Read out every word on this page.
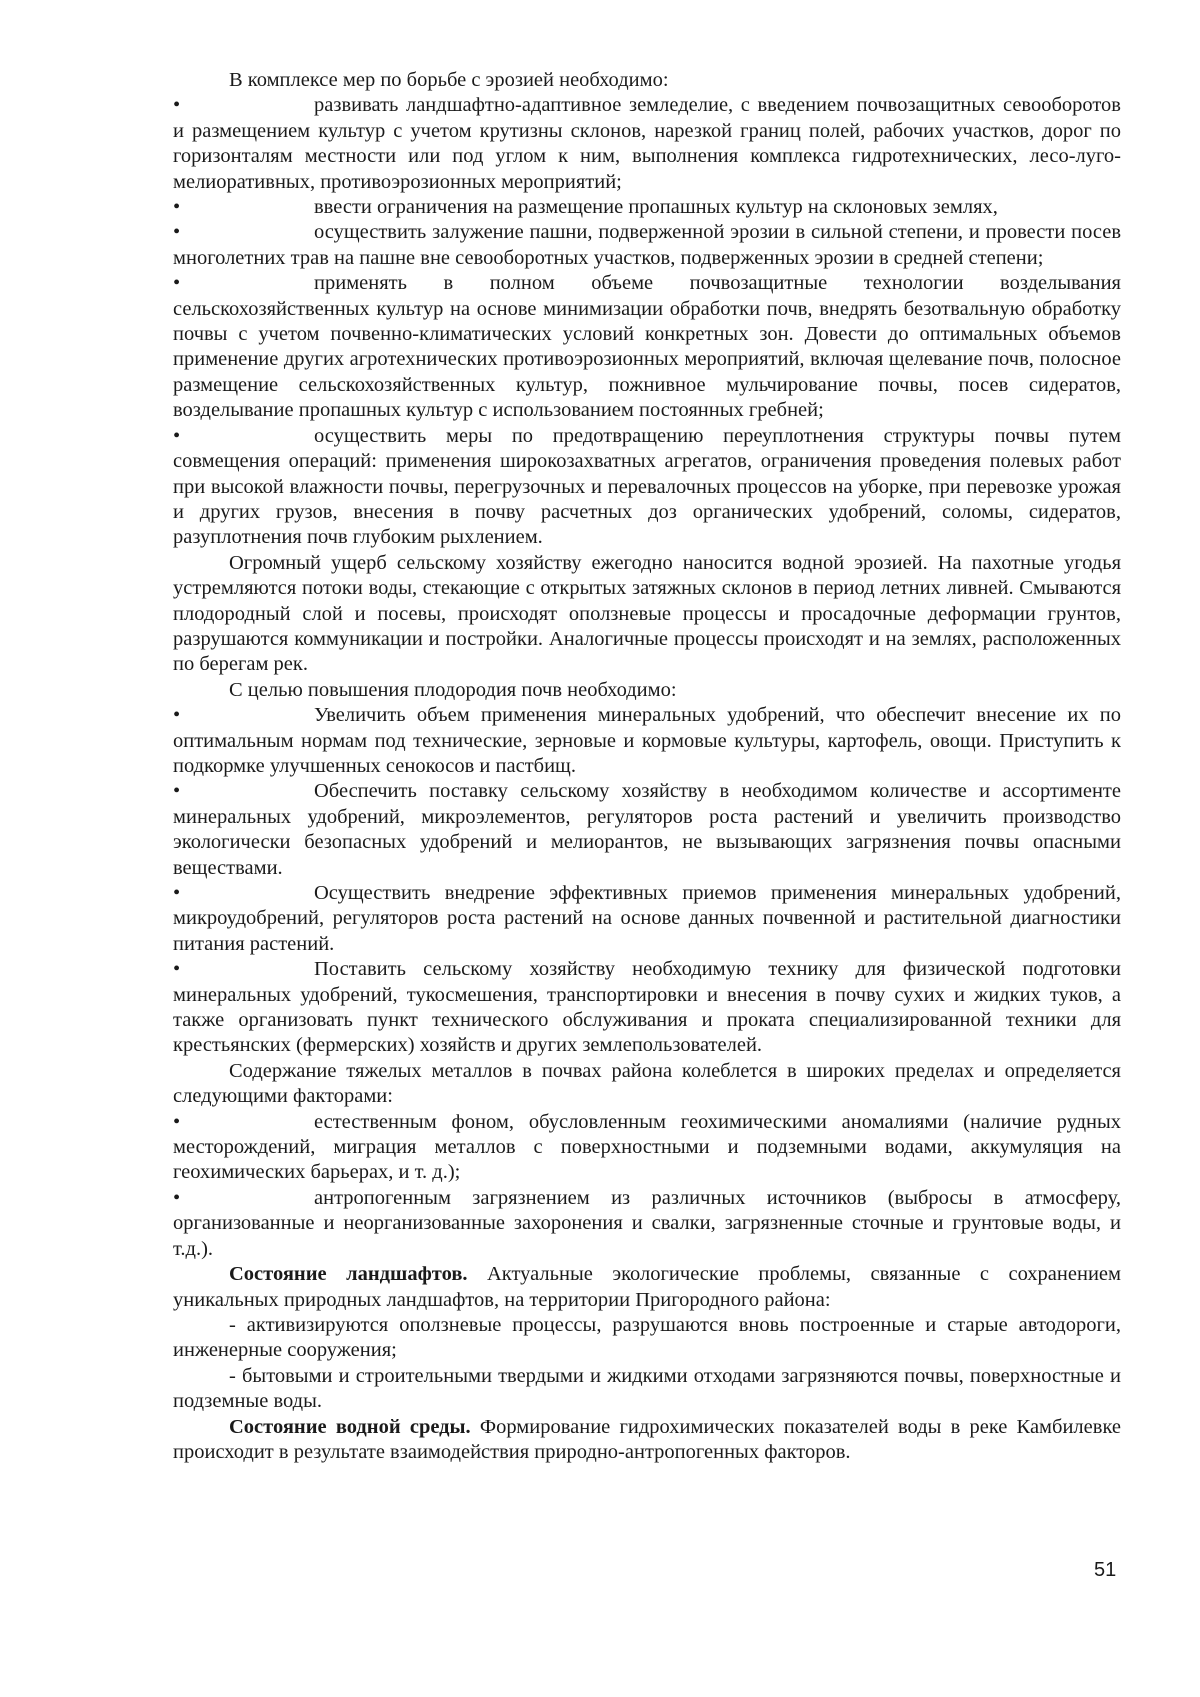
В комплексе мер по борьбе с эрозией необходимо:

•	развивать ландшафтно-адаптивное земледелие, с введением почвозащитных севооборотов и размещением культур с учетом крутизны склонов, нарезкой границ полей, рабочих участков, дорог по горизонталям местности или под углом к ним, выполнения комплекса гидротехнических, лесо-луго-мелиоративных, противоэрозионных мероприятий;

•	ввести ограничения на размещение пропашных культур на склоновых землях,

•	осуществить залужение пашни, подверженной эрозии в сильной степени, и провести посев многолетних трав на пашне вне севооборотных участков, подверженных эрозии в средней степени;

•	применять в полном объеме почвозащитные технологии возделывания сельскохозяйственных культур на основе минимизации обработки почв, внедрять безотвальную обработку почвы с учетом почвенно-климатических условий конкретных зон. Довести до оптимальных объемов применение других агротехнических противоэрозионных мероприятий, включая щелевание почв, полосное размещение сельскохозяйственных культур, пожнивное мульчирование почвы, посев сидератов, возделывание пропашных культур с использованием постоянных гребней;

•	осуществить меры по предотвращению переуплотнения структуры почвы путем совмещения операций: применения широкозахватных агрегатов, ограничения проведения полевых работ при высокой влажности почвы, перегрузочных и перевалочных процессов на уборке, при перевозке урожая и других грузов, внесения в почву расчетных доз органических удобрений, соломы, сидератов, разуплотнения почв глубоким рыхлением.

Огромный ущерб сельскому хозяйству ежегодно наносится водной эрозией. На пахотные угодья устремляются потоки воды, стекающие с открытых затяжных склонов в период летних ливней. Смываются плодородный слой и посевы, происходят оползневые процессы и просадочные деформации грунтов, разрушаются коммуникации и постройки. Аналогичные процессы происходят и на землях, расположенных по берегам рек.

С целью повышения плодородия почв необходимо:

•	Увеличить объем применения минеральных удобрений, что обеспечит внесение их по оптимальным нормам под технические, зерновые и кормовые культуры, картофель, овощи. Приступить к подкормке улучшенных сенокосов и пастбищ.

•	Обеспечить поставку сельскому хозяйству в необходимом количестве и ассортименте минеральных удобрений, микроэлементов, регуляторов роста растений и увеличить производство экологически безопасных удобрений и мелиорантов, не вызывающих загрязнения почвы опасными веществами.

•	Осуществить внедрение эффективных приемов применения минеральных удобрений, микроудобрений, регуляторов роста растений на основе данных почвенной и растительной диагностики питания растений.

•	Поставить сельскому хозяйству необходимую технику для физической подготовки минеральных удобрений, тукосмешения, транспортировки и внесения в почву сухих и жидких туков, а также организовать пункт технического обслуживания и проката специализированной техники для крестьянских (фермерских) хозяйств и других землепользователей.

Содержание тяжелых металлов в почвах района колеблется в широких пределах и определяется следующими факторами:

•	естественным фоном, обусловленным геохимическими аномалиями (наличие рудных месторождений, миграция металлов с поверхностными и подземными водами, аккумуляция на геохимических барьерах, и т. д.);

•	антропогенным загрязнением из различных источников (выбросы в атмосферу, организованные и неорганизованные захоронения и свалки, загрязненные сточные и грунтовые воды, и т.д.).

Состояние ландшафтов. Актуальные экологические проблемы, связанные с сохранением уникальных природных ландшафтов, на территории Пригородного района:

- активизируются оползневые процессы, разрушаются вновь построенные и старые автодороги, инженерные сооружения;

- бытовыми и строительными твердыми и жидкими отходами загрязняются почвы, поверхностные и подземные воды.

Состояние водной среды. Формирование гидрохимических показателей воды в реке Камбилевке происходит в результате взаимодействия природно-антропогенных факторов.

51
